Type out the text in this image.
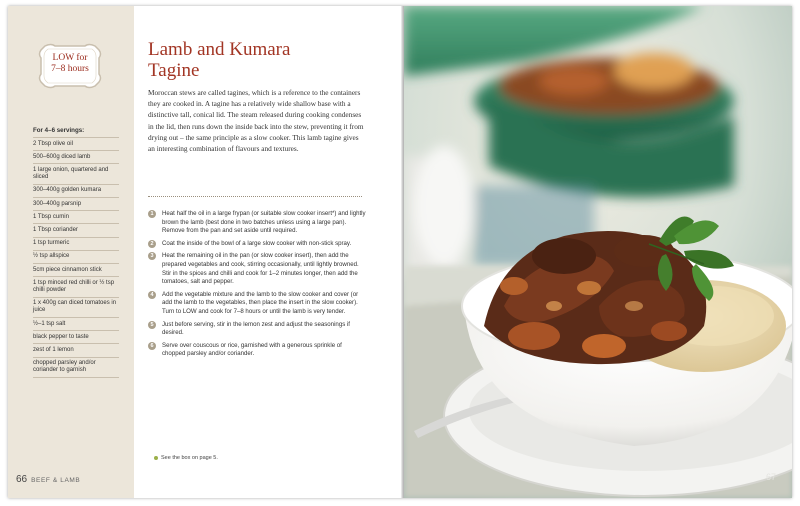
LOW for
7–8 hours
For 4–6 servings:
2 Tbsp olive oil
500–600g diced lamb
1 large onion, quartered and sliced
300–400g golden kumara
300–400g parsnip
1 Tbsp cumin
1 Tbsp coriander
1 tsp turmeric
½ tsp allspice
5cm piece cinnamon stick
1 tsp minced red chilli or ½ tsp chilli powder
1 x 400g can diced tomatoes in juice
½–1 tsp salt
black pepper to taste
zest of 1 lemon
chopped parsley and/or coriander to garnish
66 BEEF & LAMB
Lamb and Kumara
Tagine
Moroccan stews are called tagines, which is a reference to the containers they are cooked in. A tagine has a relatively wide shallow base with a distinctive tall, conical lid. The steam released during cooking condenses in the lid, then runs down the inside back into the stew, preventing it from drying out – the same principle as a slow cooker. This lamb tagine gives an interesting combination of flavours and textures.
1	Heat half the oil in a large frypan (or suitable slow cooker insert*) and lightly brown the lamb (best done in two batches unless using a large pan). Remove from the pan and set aside until required.
2	Coat the inside of the bowl of a large slow cooker with non-stick spray.
3	Heat the remaining oil in the pan (or slow cooker insert), then add the prepared vegetables and cook, stirring occasionally, until lightly browned. Stir in the spices and chilli and cook for 1–2 minutes longer, then add the tomatoes, salt and pepper.
4	Add the vegetable mixture and the lamb to the slow cooker and cover (or add the lamb to the vegetables, then place the insert in the slow cooker). Turn to LOW and cook for 7–8 hours or until the lamb is very tender.
5	Just before serving, stir in the lemon zest and adjust the seasonings if desired.
6	Serve over couscous or rice, garnished with a generous sprinkle of chopped parsley and/or coriander.
See the box on page 5.
67
